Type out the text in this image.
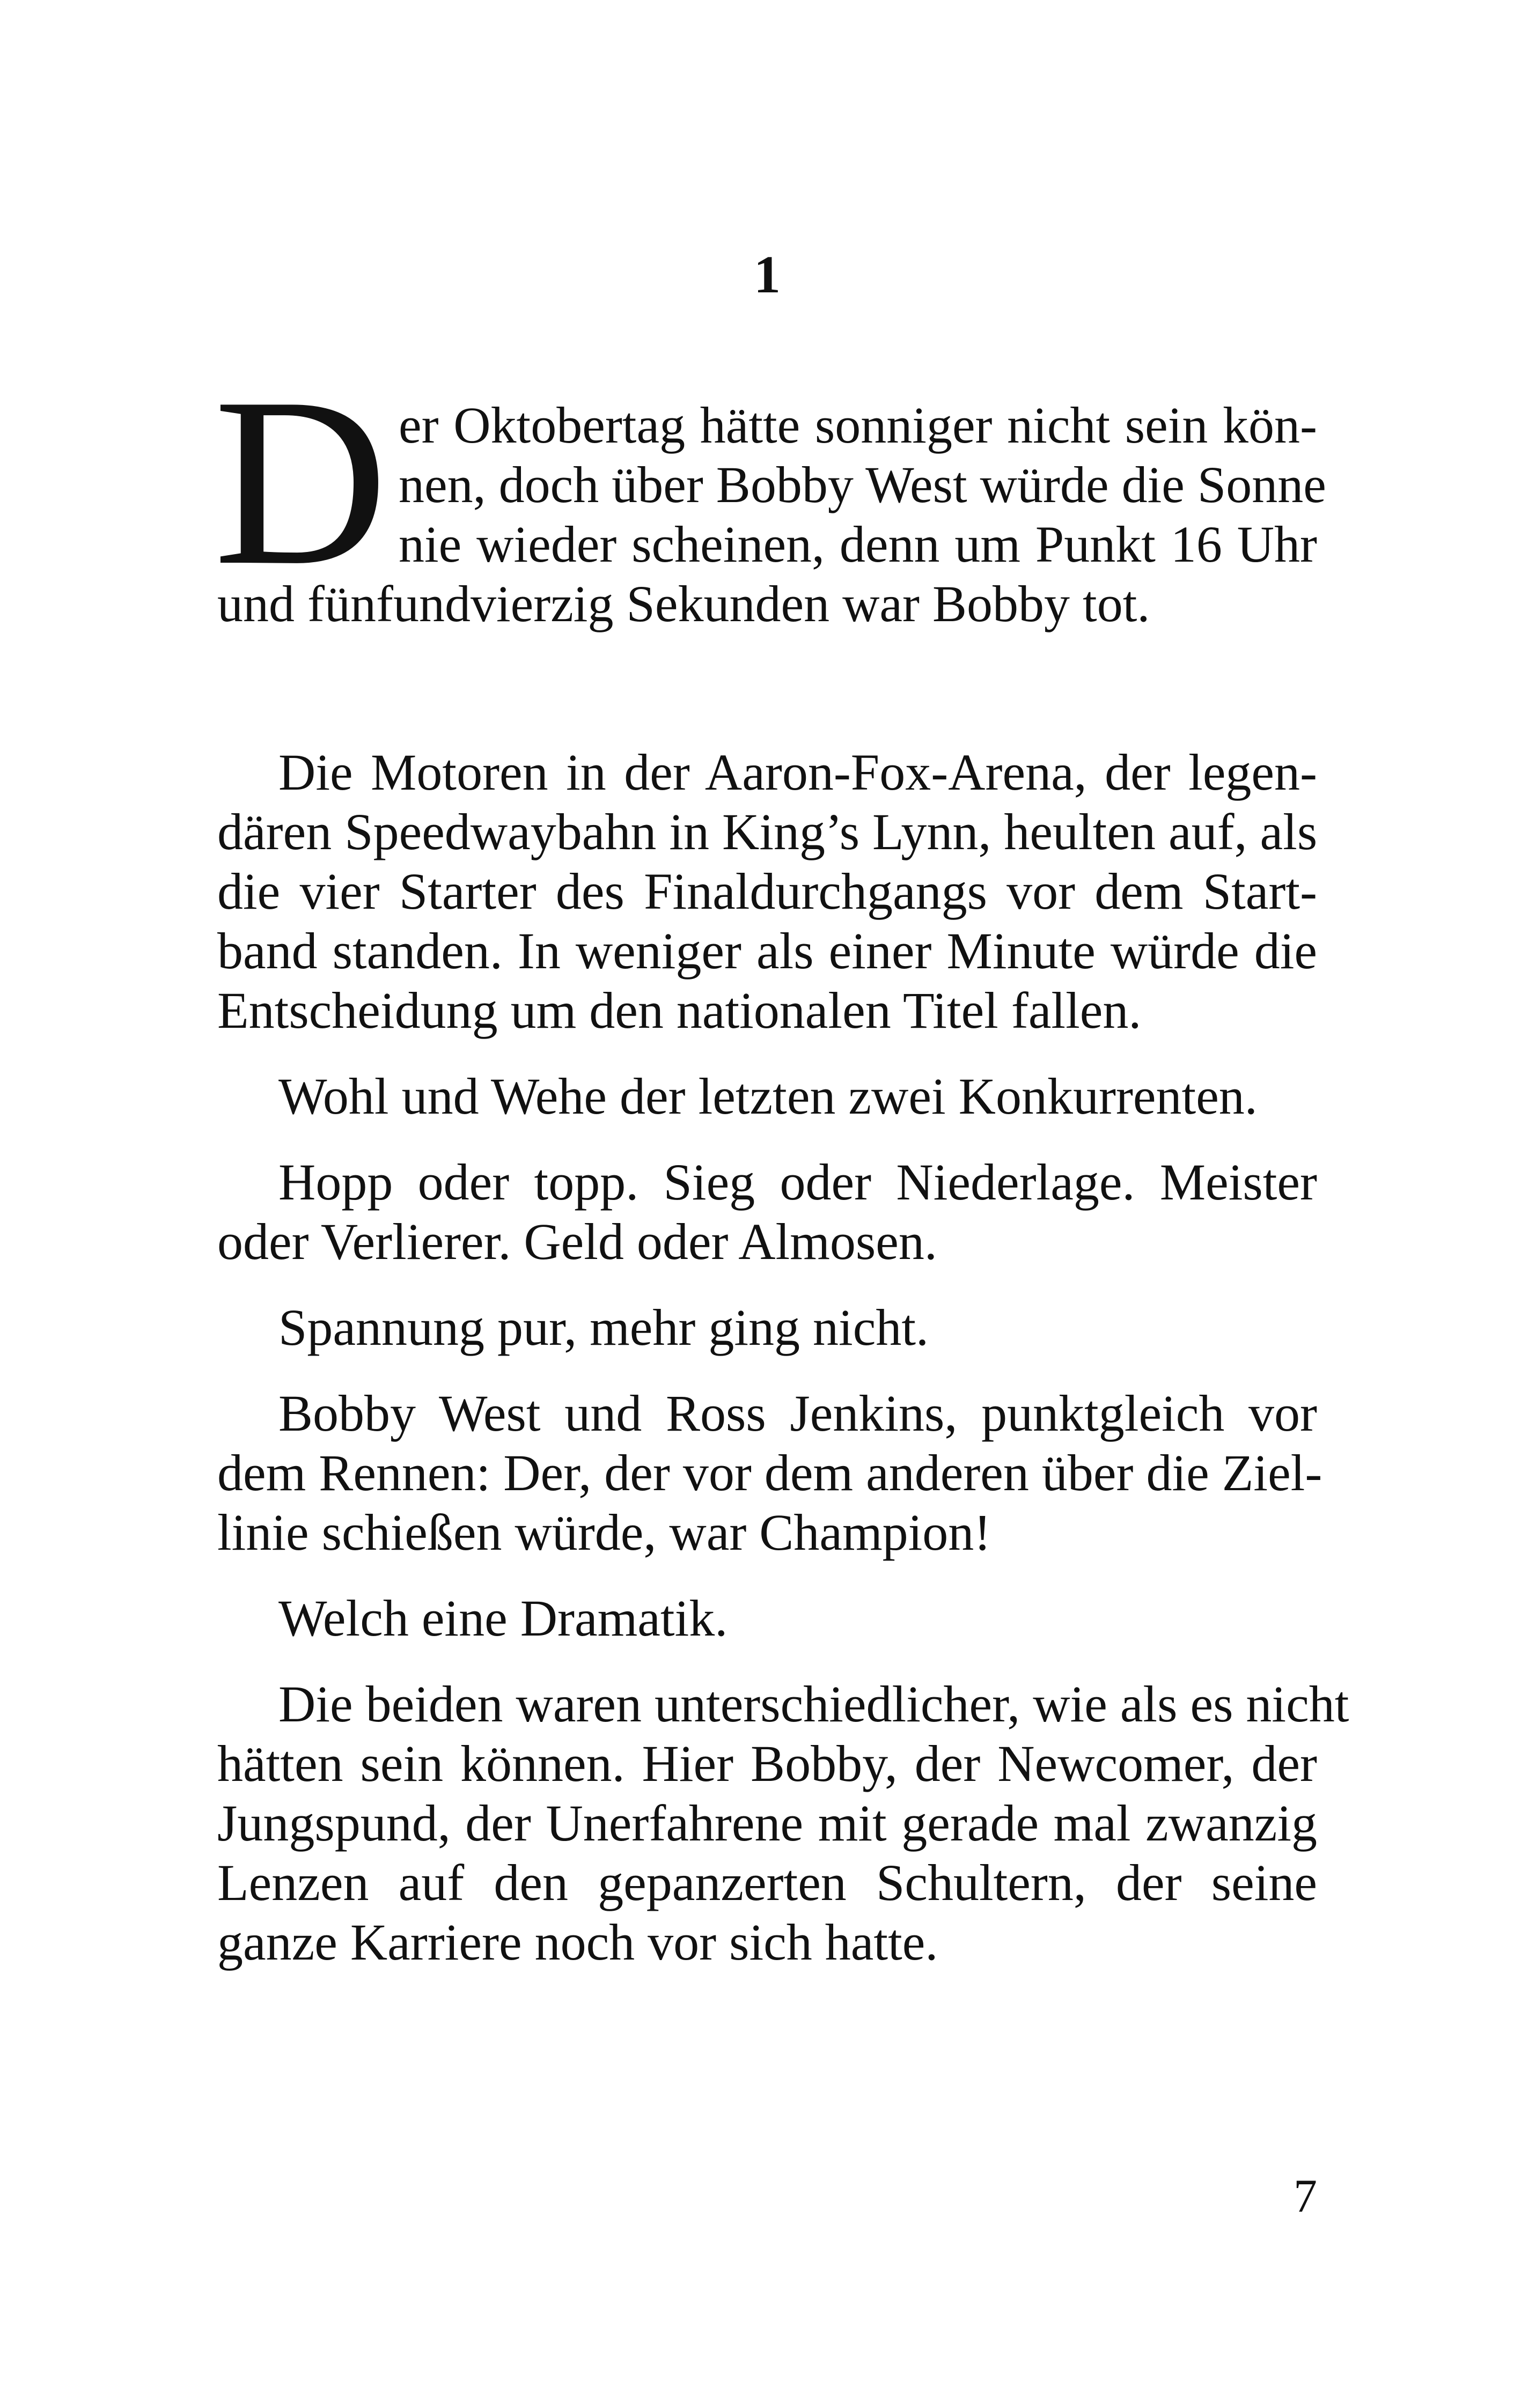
1
D er Oktobertag hätte sonniger nicht sein kön-
nen, doch über Bobby West würde die Sonne
nie wieder scheinen, denn um Punkt 16 Uhr
und fünfundvierzig Sekunden war Bobby tot.
Die Motoren in der Aaron-Fox-Arena, der legen-
dären Speedwaybahn in King’s Lynn, heulten auf, als
die vier Starter des Finaldurchgangs vor dem Start-
band standen. In weniger als einer Minute würde die
Entscheidung um den nationalen Titel fallen.
Wohl und Wehe der letzten zwei Konkurrenten.
Hopp oder topp. Sieg oder Niederlage. Meister
oder Verlierer. Geld oder Almosen.
Spannung pur, mehr ging nicht.
Bobby West und Ross Jenkins, punktgleich vor
dem Rennen: Der, der vor dem anderen über die Ziel-
linie schießen würde, war Champion!
Welch eine Dramatik.
Die beiden waren unterschiedlicher, wie als es nicht
hätten sein können. Hier Bobby, der Newcomer, der
Jungspund, der Unerfahrene mit gerade mal zwanzig
Lenzen auf den gepanzerten Schultern, der seine
ganze Karriere noch vor sich hatte.
7
